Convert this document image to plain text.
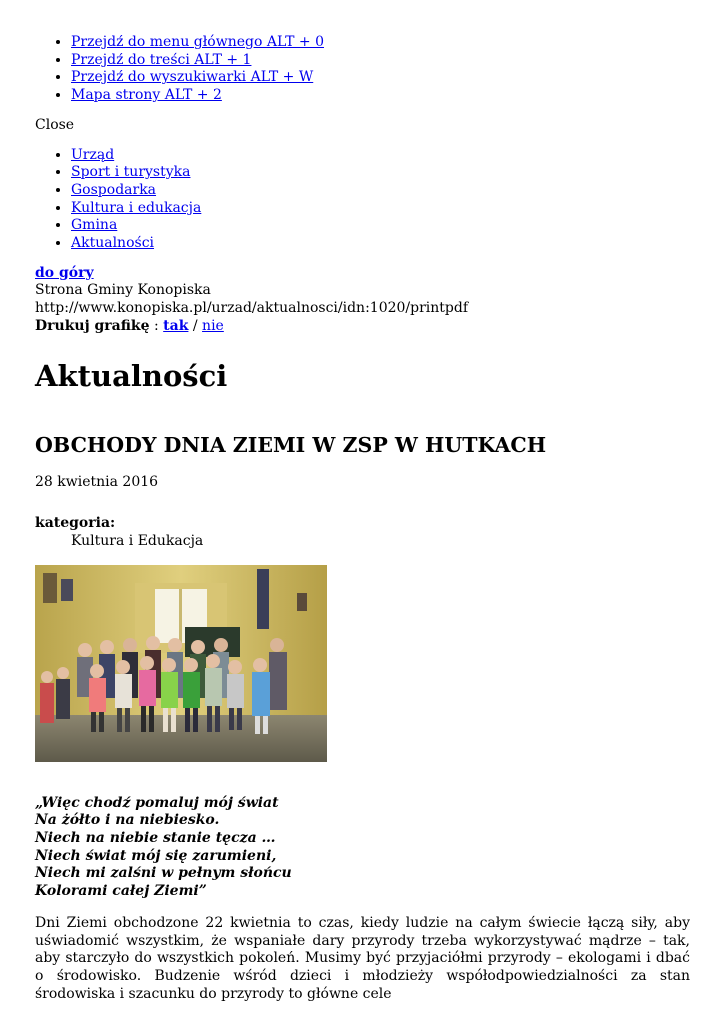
• Przejdź do menu głównego ALT + 0
• Przejdź do treści ALT + 1
• Przejdź do wyszukiwarki ALT + W
• Mapa strony ALT + 2
Close
• Urząd
• Sport i turystyka
• Gospodarka
• Kultura i edukacja
• Gmina
• Aktualności
do góry
Strona Gminy Konopiska
http://www.konopiska.pl/urzad/aktualnosci/idn:1020/printpdf
Drukuj grafikę : tak / nie
Aktualności
OBCHODY DNIA ZIEMI W ZSP W HUTKACH
28 kwietnia 2016
kategoria:
Kultura i Edukacja
„Więc chodź pomaluj mój świat
Na żółto i na niebiesko.
Niech na niebie stanie tęcza …
Niech świat mój się zarumieni,
Niech mi zalśni w pełnym słońcu
Kolorami całej Ziemi”
Dni Ziemi obchodzone 22 kwietnia to czas, kiedy ludzie na całym świecie łączą siły, aby uświadomić wszystkim, że wspaniałe dary przyrody trzeba wykorzystywać mądrze – tak, aby starczyło do wszystkich pokoleń. Musimy być przyjaciółmi przyrody – ekologami i dbać o środowisko. Budzenie wśród dzieci i młodzieży współodpowiedzialności za stan środowiska i szacunku do przyrody to główne cele
